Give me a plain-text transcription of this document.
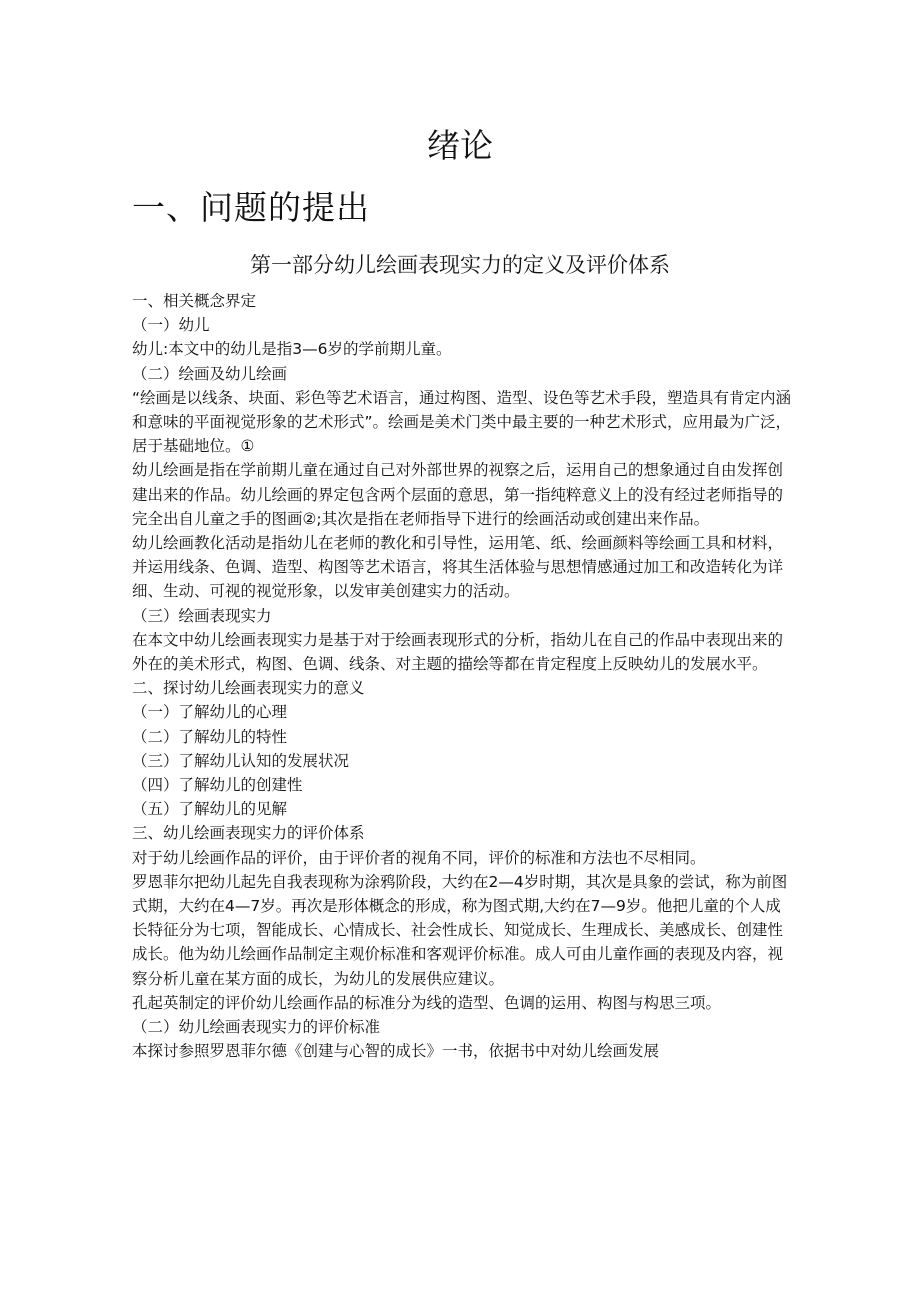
绪论
一、问题的提出
第一部分幼儿绘画表现实力的定义及评价体系

一、相关概念界定

（一）幼儿

幼儿:本文中的幼儿是指3—6岁的学前期儿童。

（二）绘画及幼儿绘画

“绘画是以线条、块面、彩色等艺术语言，通过构图、造型、设色等艺术手段，塑造具有肯定内涵和意味的平面视觉形象的艺术形式”。绘画是美术门类中最主要的一种艺术形式，应用最为广泛，居于基础地位。①

幼儿绘画是指在学前期儿童在通过自己对外部世界的视察之后，运用自己的想象通过自由发挥创建出来的作品。幼儿绘画的界定包含两个层面的意思，第一指纯粹意义上的没有经过老师指导的完全出自儿童之手的图画②;其次是指在老师指导下进行的绘画活动或创建出来作品。

幼儿绘画教化活动是指幼儿在老师的教化和引导性，运用笔、纸、绘画颜料等绘画工具和材料，并运用线条、色调、造型、构图等艺术语言，将其生活体验与思想情感通过加工和改造转化为详细、生动、可视的视觉形象，以发审美创建实力的活动。

（三）绘画表现实力

在本文中幼儿绘画表现实力是基于对于绘画表现形式的分析，指幼儿在自己的作品中表现出来的外在的美术形式，构图、色调、线条、对主题的描绘等都在肯定程度上反映幼儿的发展水平。

二、探讨幼儿绘画表现实力的意义

（一）了解幼儿的心理

（二）了解幼儿的特性

（三）了解幼儿认知的发展状况

（四）了解幼儿的创建性

（五）了解幼儿的见解

三、幼儿绘画表现实力的评价体系

对于幼儿绘画作品的评价，由于评价者的视角不同，评价的标准和方法也不尽相同。

罗恩菲尔把幼儿起先自我表现称为涂鸦阶段，大约在2—4岁时期，其次是具象的尝试，称为前图式期，大约在4—7岁。再次是形体概念的形成，称为图式期,大约在7—9岁。他把儿童的个人成长特征分为七项，智能成长、心情成长、社会性成长、知觉成长、生理成长、美感成长、创建性成长。他为幼儿绘画作品制定主观价标准和客观评价标准。成人可由儿童作画的表现及内容，视察分析儿童在某方面的成长，为幼儿的发展供应建议。

孔起英制定的评价幼儿绘画作品的标准分为线的造型、色调的运用、构图与构思三项。

（二）幼儿绘画表现实力的评价标准

本探讨参照罗恩菲尔德《创建与心智的成长》一书，依据书中对幼儿绘画发展
